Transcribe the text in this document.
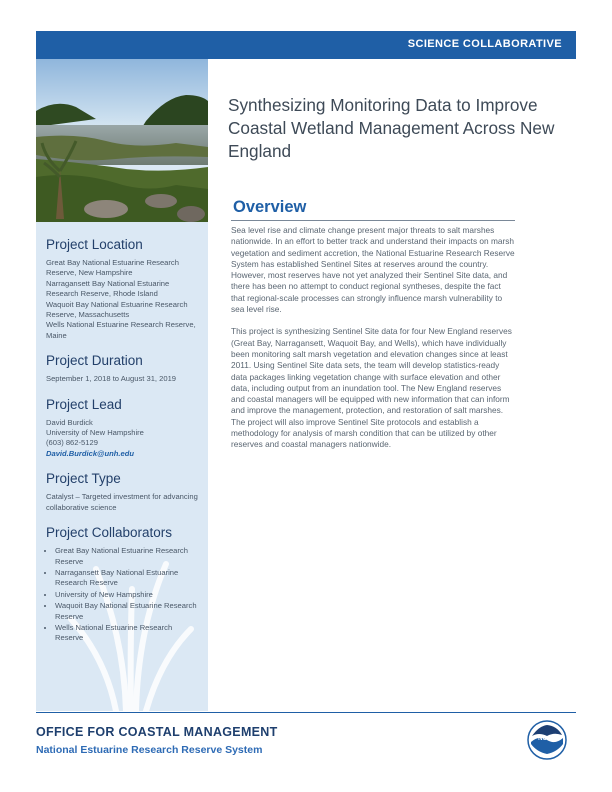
SCIENCE COLLABORATIVE
Project Location

Great Bay National Estuarine Research Reserve, New Hampshire
Narragansett Bay National Estuarine Research Reserve, Rhode Island
Waquoit Bay National Estuarine Research Reserve, Massachusetts
Wells National Estuarine Research Reserve, Maine

Project Duration

September 1, 2018 to August 31, 2019

Project Lead

David Burdick
University of New Hampshire
(603) 862-5129
David.Burdick@unh.edu

Project Type

Catalyst – Targeted investment for advancing collaborative science

Project Collaborators
• Great Bay National Estuarine Research Reserve
• Narragansett Bay National Estuarine Research Reserve
• University of New Hampshire
• Waquoit Bay National Estuarine Research Reserve
• Wells National Estuarine Research Reserve
Synthesizing Monitoring Data to Improve Coastal Wetland Management Across New England
Overview

Sea level rise and climate change present major threats to salt marshes nationwide. In an effort to better track and understand their impacts on marsh vegetation and sediment accretion, the National Estuarine Research Reserve System has established Sentinel Sites at reserves around the country. However, most reserves have not yet analyzed their Sentinel Site data, and there has been no attempt to conduct regional syntheses, despite the fact that regional-scale processes can strongly influence marsh vulnerability to sea level rise.

This project is synthesizing Sentinel Site data for four New England reserves (Great Bay, Narragansett, Waquoit Bay, and Wells), which have individually been monitoring salt marsh vegetation and elevation changes since at least 2011. Using Sentinel Site data sets, the team will develop statistics-ready data packages linking vegetation change with surface elevation and other data, including output from an inundation tool. The New England reserves and coastal managers will be equipped with new information that can inform and improve the management, protection, and restoration of salt marshes. The project will also improve Sentinel Site protocols and establish a methodology for analysis of marsh condition that can be utilized by other reserves and coastal managers nationwide.

OFFICE FOR COASTAL MANAGEMENT
National Estuarine Research Reserve System
NOAA
